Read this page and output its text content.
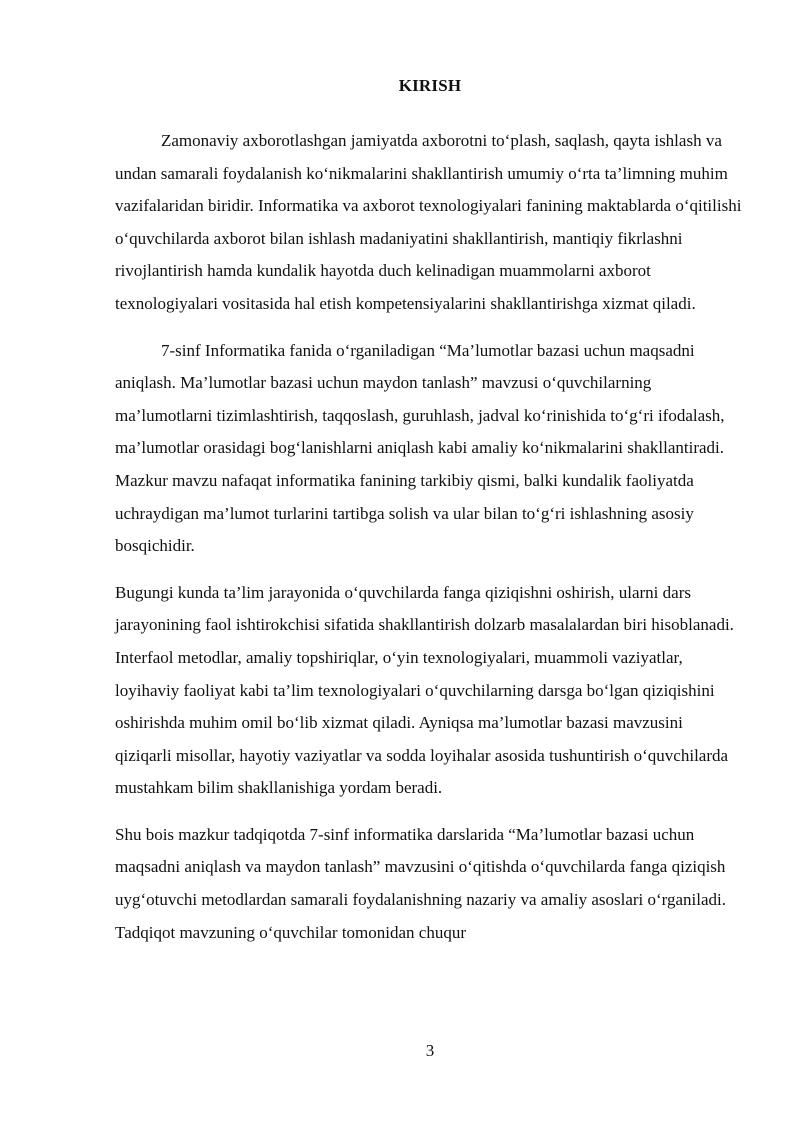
KIRISH

Zamonaviy axborotlashgan jamiyatda axborotni to‘plash, saqlash, qayta ishlash va undan samarali foydalanish ko‘nikmalarini shakllantirish umumiy o‘rta ta’limning muhim vazifalaridan biridir. Informatika va axborot texnologiyalari fanining maktablarda o‘qitilishi o‘quvchilarda axborot bilan ishlash madaniyatini shakllantirish, mantiqiy fikrlashni rivojlantirish hamda kundalik hayotda duch kelinadigan muammolarni axborot texnologiyalari vositasida hal etish kompetensiyalarini shakllantirishga xizmat qiladi.

7-sinf Informatika fanida o‘rganiladigan “Ma’lumotlar bazasi uchun maqsadni aniqlash. Ma’lumotlar bazasi uchun maydon tanlash” mavzusi o‘quvchilarning ma’lumotlarni tizimlashtirish, taqqoslash, guruhlash, jadval ko‘rinishida to‘g‘ri ifodalash, ma’lumotlar orasidagi bog‘lanishlarni aniqlash kabi amaliy ko‘nikmalarini shakllantiradi. Mazkur mavzu nafaqat informatika fanining tarkibiy qismi, balki kundalik faoliyatda uchraydigan ma’lumot turlarini tartibga solish va ular bilan to‘g‘ri ishlashning asosiy bosqichidir.

Bugungi kunda ta’lim jarayonida o‘quvchilarda fanga qiziqishni oshirish, ularni dars jarayonining faol ishtirokchisi sifatida shakllantirish dolzarb masalalardan biri hisoblanadi. Interfaol metodlar, amaliy topshiriqlar, o‘yin texnologiyalari, muammoli vaziyatlar, loyihaviy faoliyat kabi ta’lim texnologiyalari o‘quvchilarning darsga bo‘lgan qiziqishini oshirishda muhim omil bo‘lib xizmat qiladi. Ayniqsa ma’lumotlar bazasi mavzusini qiziqarli misollar, hayotiy vaziyatlar va sodda loyihalar asosida tushuntirish o‘quvchilarda mustahkam bilim shakllanishiga yordam beradi.

Shu bois mazkur tadqiqotda 7-sinf informatika darslarida “Ma’lumotlar bazasi uchun maqsadni aniqlash va maydon tanlash” mavzusini o‘qitishda o‘quvchilarda fanga qiziqish uyg‘otuvchi metodlardan samarali foydalanishning nazariy va amaliy asoslari o‘rganiladi. Tadqiqot mavzuning o‘quvchilar tomonidan chuqur

3
